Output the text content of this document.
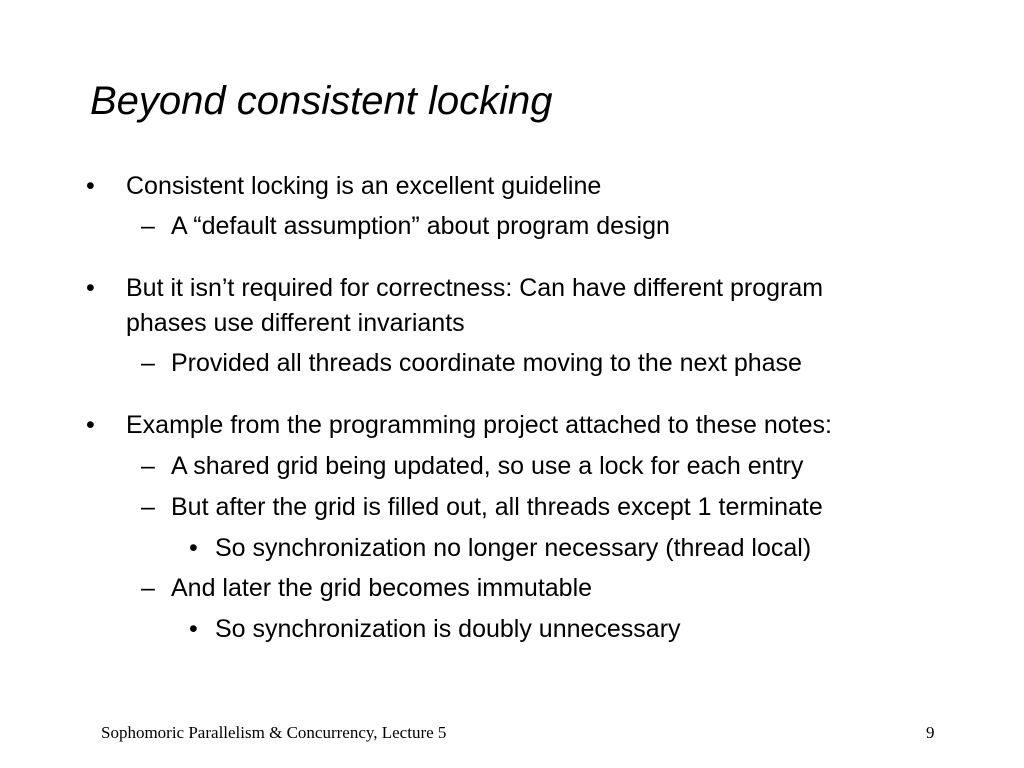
Beyond consistent locking
• Consistent locking is an excellent guideline
– A “default assumption” about program design
• But it isn’t required for correctness: Can have different program
phases use different invariants
– Provided all threads coordinate moving to the next phase
• Example from the programming project attached to these notes:
– A shared grid being updated, so use a lock for each entry
– But after the grid is filled out, all threads except 1 terminate
• So synchronization no longer necessary (thread local)
– And later the grid becomes immutable
• So synchronization is doubly unnecessary
Sophomoric Parallelism & Concurrency, Lecture 5	9
